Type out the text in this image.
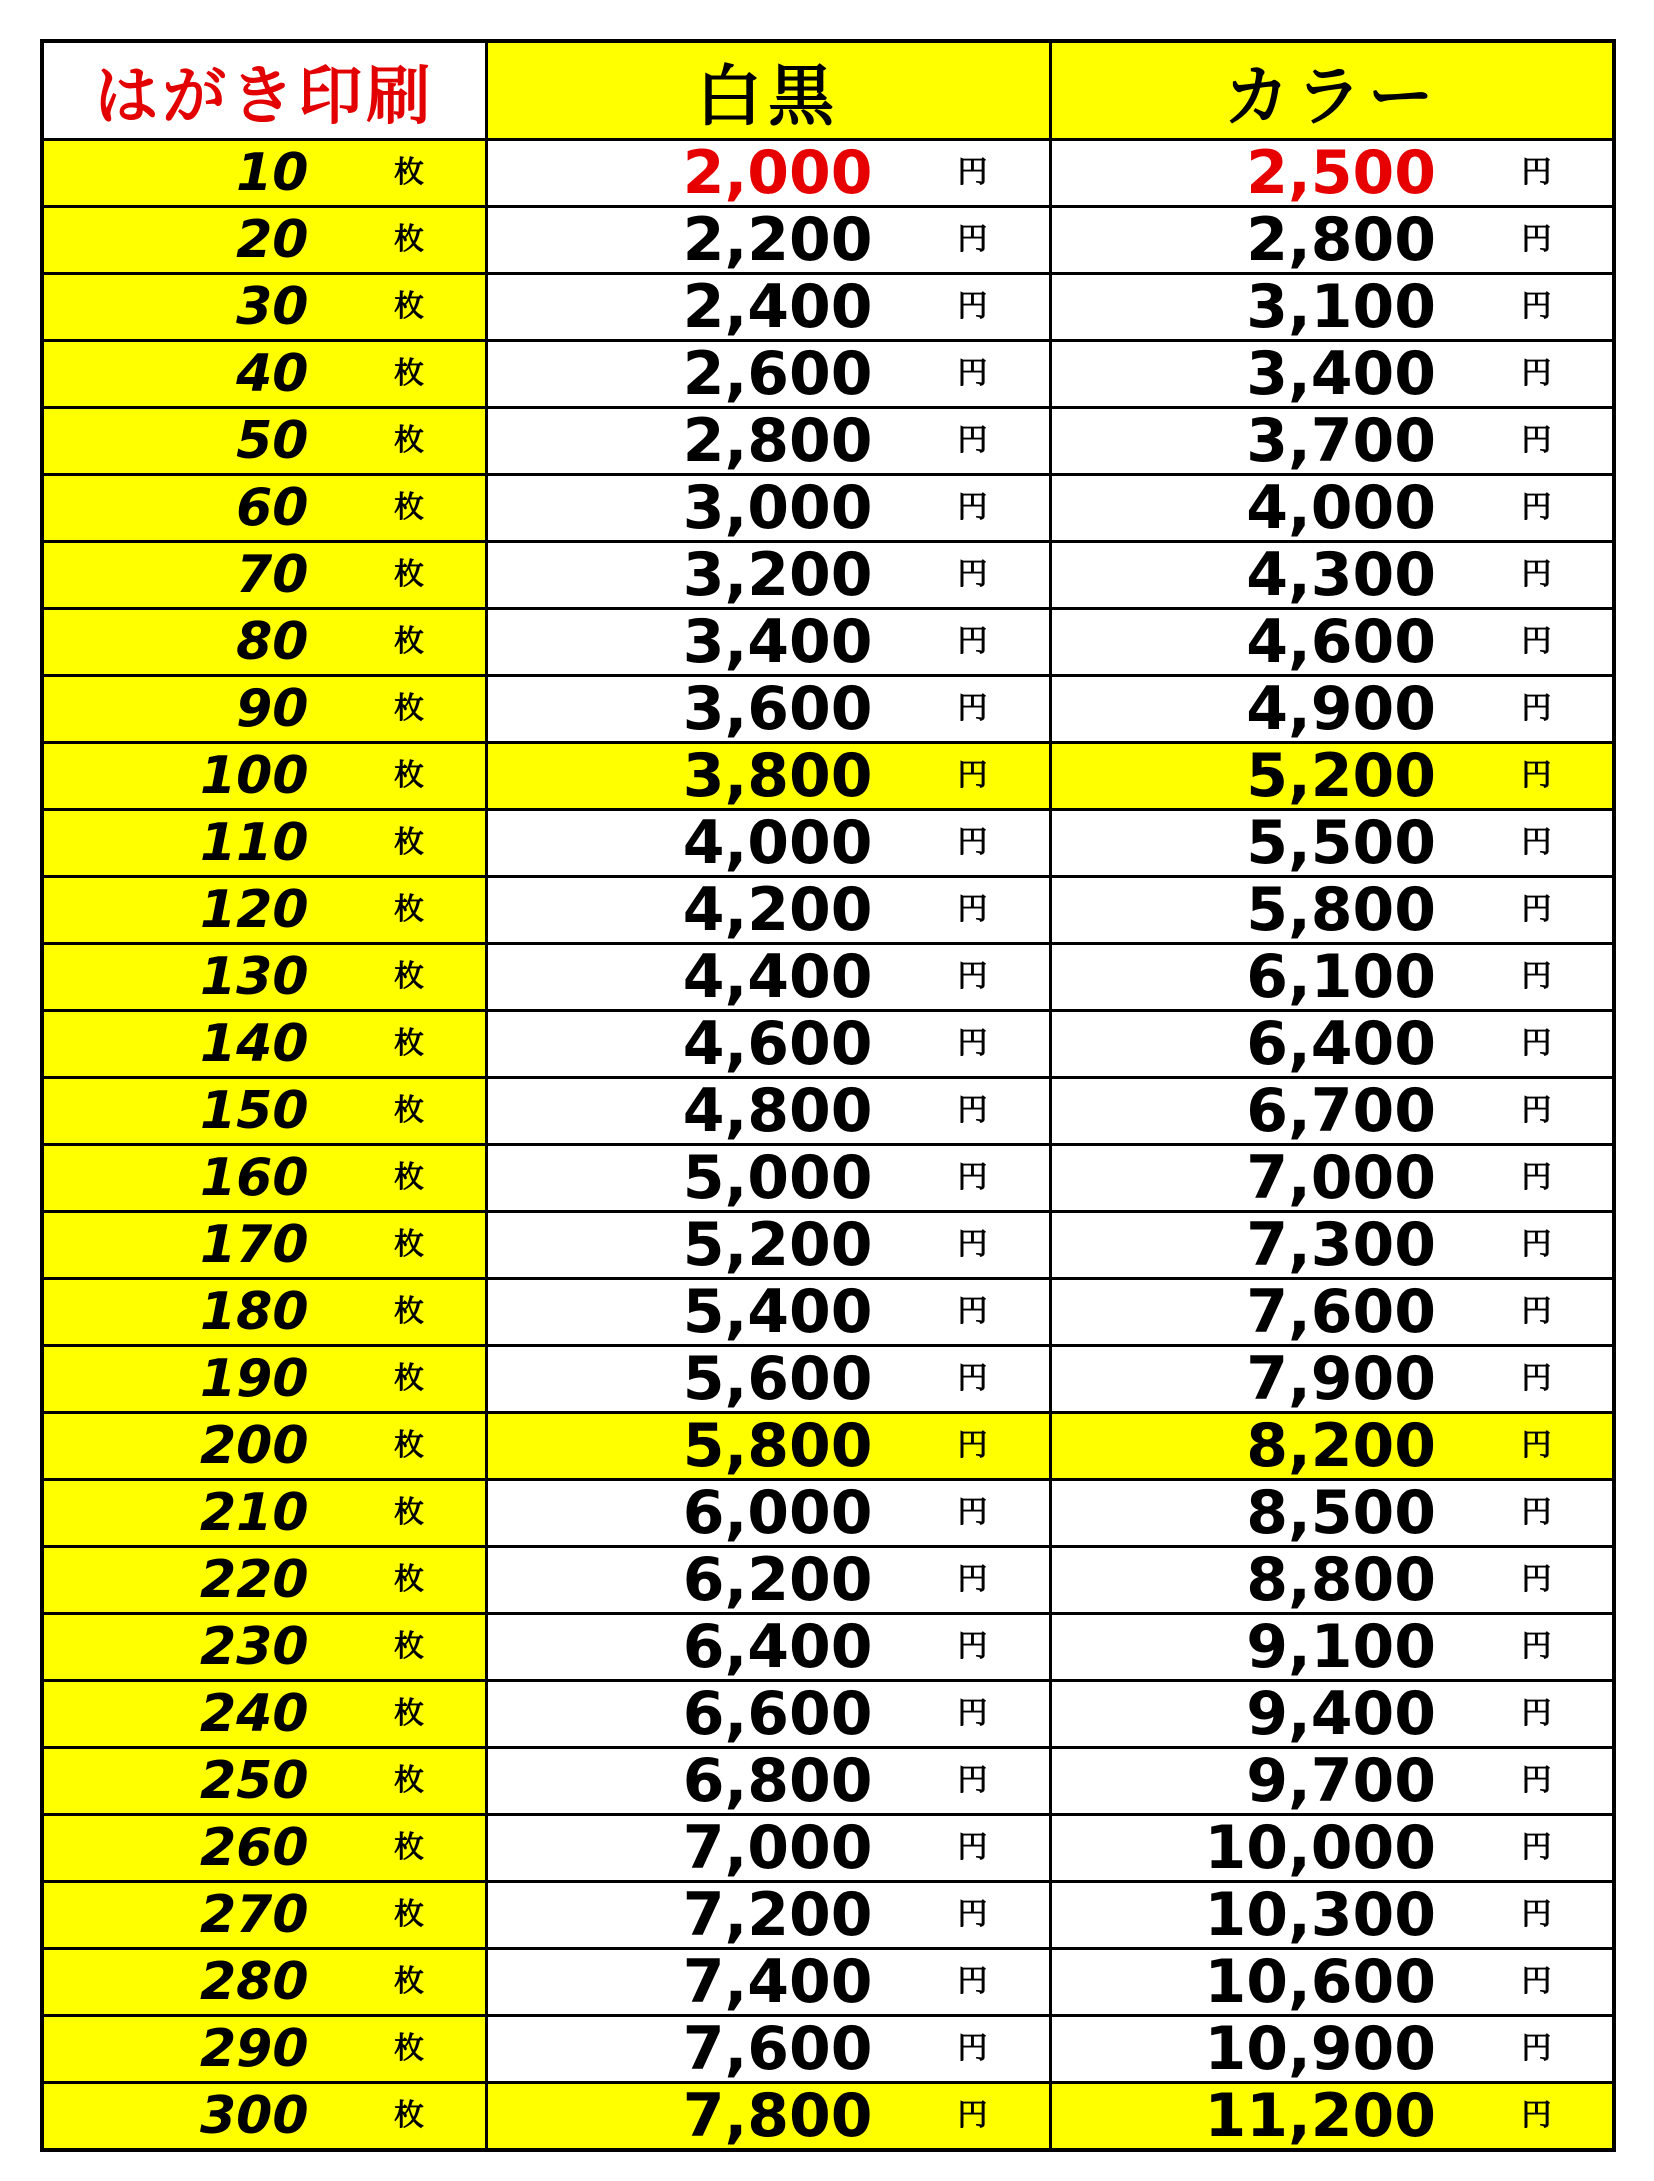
はがき印刷	白黒	カラー

10 枚	2,000 円	2,500 円

20 枚	2,200 円	2,800 円

30 枚	2,400 円	3,100 円

40 枚	2,600 円	3,400 円

50 枚	2,800 円	3,700 円

60 枚	3,000 円	4,000 円

70 枚	3,200 円	4,300 円

80 枚	3,400 円	4,600 円

90 枚	3,600 円	4,900 円

100 枚	3,800 円	5,200 円

110 枚	4,000 円	5,500 円

120 枚	4,200 円	5,800 円

130 枚	4,400 円	6,100 円

140 枚	4,600 円	6,400 円

150 枚	4,800 円	6,700 円

160 枚	5,000 円	7,000 円

170 枚	5,200 円	7,300 円

180 枚	5,400 円	7,600 円

190 枚	5,600 円	7,900 円

200 枚	5,800 円	8,200 円

210 枚	6,000 円	8,500 円

220 枚	6,200 円	8,800 円

230 枚	6,400 円	9,100 円

240 枚	6,600 円	9,400 円

250 枚	6,800 円	9,700 円

260 枚	7,000 円	10,000 円

270 枚	7,200 円	10,300 円

280 枚	7,400 円	10,600 円

290 枚	7,600 円	10,900 円

300 枚	7,800 円	11,200 円
